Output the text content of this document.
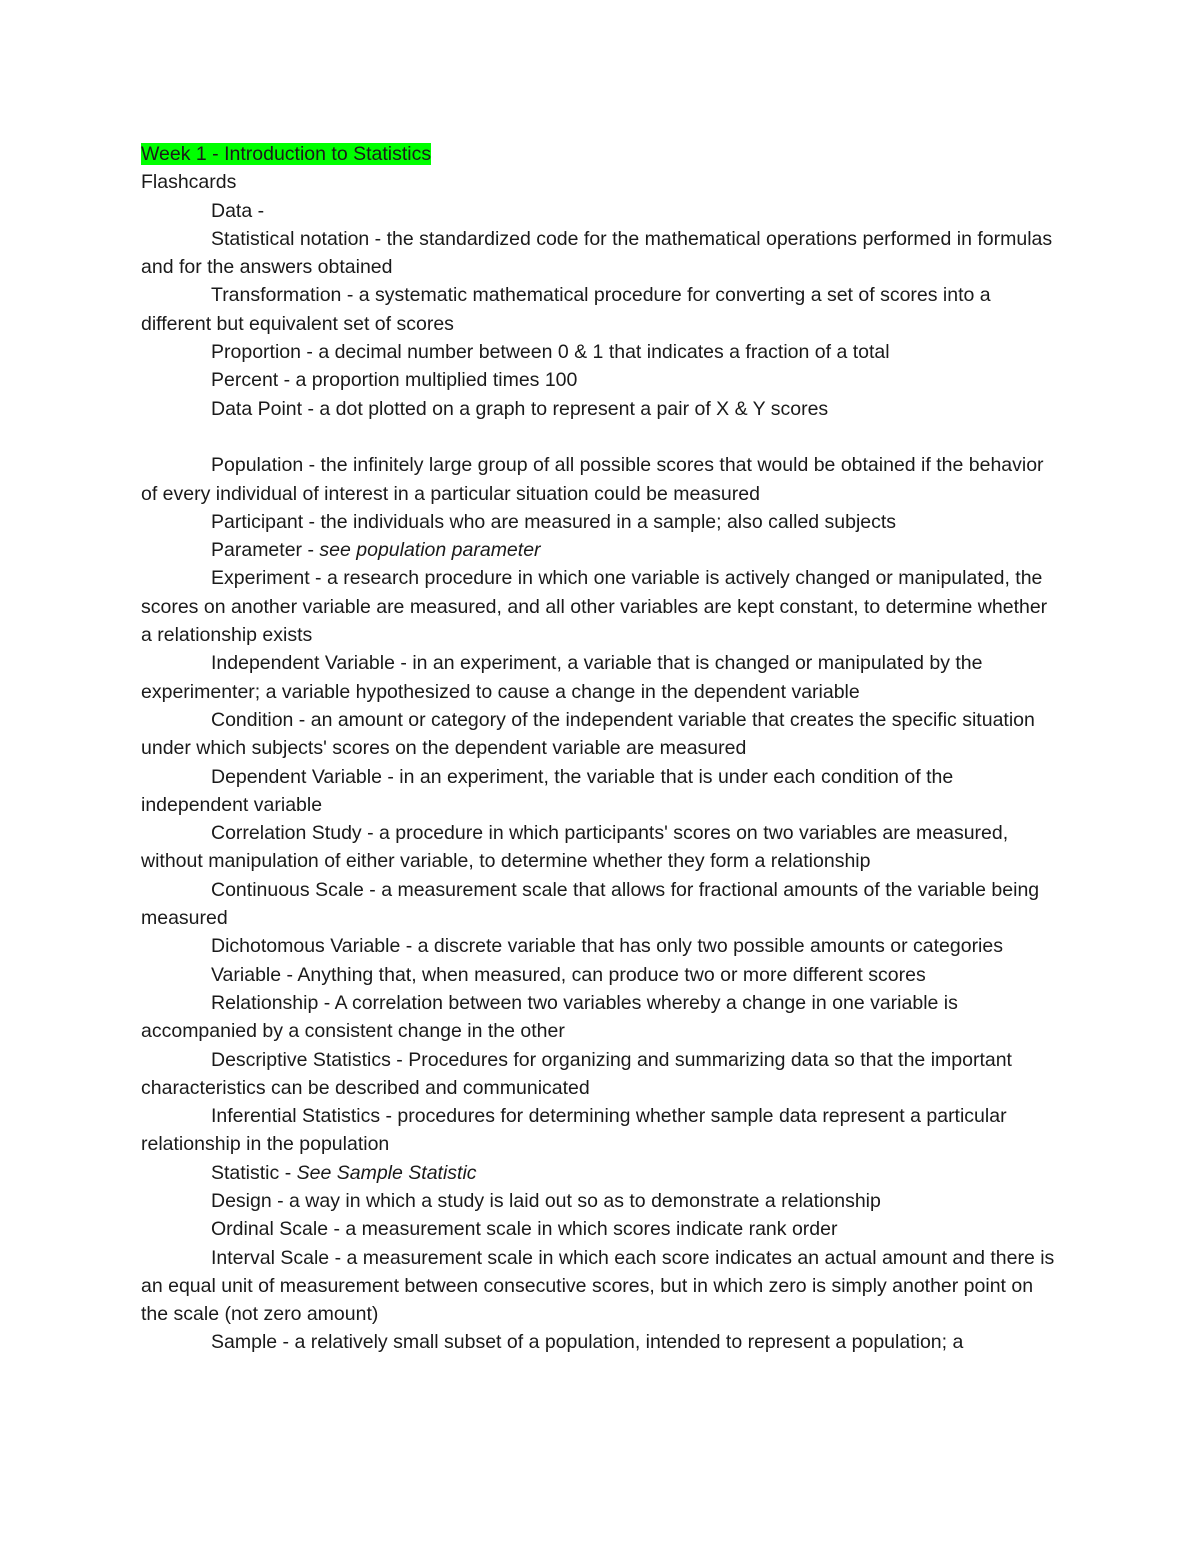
Week 1 - Introduction to Statistics

Flashcards

Data -

Statistical notation - the standardized code for the mathematical operations performed in formulas and for the answers obtained

Transformation - a systematic mathematical procedure for converting a set of scores into a different but equivalent set of scores

Proportion - a decimal number between 0 & 1 that indicates a fraction of a total

Percent - a proportion multiplied times 100

Data Point - a dot plotted on a graph to represent a pair of X & Y scores

Population - the infinitely large group of all possible scores that would be obtained if the behavior of every individual of interest in a particular situation could be measured

Participant - the individuals who are measured in a sample; also called subjects

Parameter - see population parameter

Experiment - a research procedure in which one variable is actively changed or manipulated, the scores on another variable are measured, and all other variables are kept constant, to determine whether a relationship exists

Independent Variable - in an experiment, a variable that is changed or manipulated by the experimenter; a variable hypothesized to cause a change in the dependent variable

Condition - an amount or category of the independent variable that creates the specific situation under which subjects' scores on the dependent variable are measured

Dependent Variable - in an experiment, the variable that is under each condition of the independent variable

Correlation Study - a procedure in which participants' scores on two variables are measured, without manipulation of either variable, to determine whether they form a relationship

Continuous Scale - a measurement scale that allows for fractional amounts of the variable being measured

Dichotomous Variable - a discrete variable that has only two possible amounts or categories

Variable - Anything that, when measured, can produce two or more different scores

Relationship - A correlation between two variables whereby a change in one variable is accompanied by a consistent change in the other

Descriptive Statistics - Procedures for organizing and summarizing data so that the important characteristics can be described and communicated

Inferential Statistics - procedures for determining whether sample data represent a particular relationship in the population

Statistic - See Sample Statistic

Design - a way in which a study is laid out so as to demonstrate a relationship

Ordinal Scale - a measurement scale in which scores indicate rank order

Interval Scale - a measurement scale in which each score indicates an actual amount and there is an equal unit of measurement between consecutive scores, but in which zero is simply another point on the scale (not zero amount)

Sample - a relatively small subset of a population, intended to represent a population; a
